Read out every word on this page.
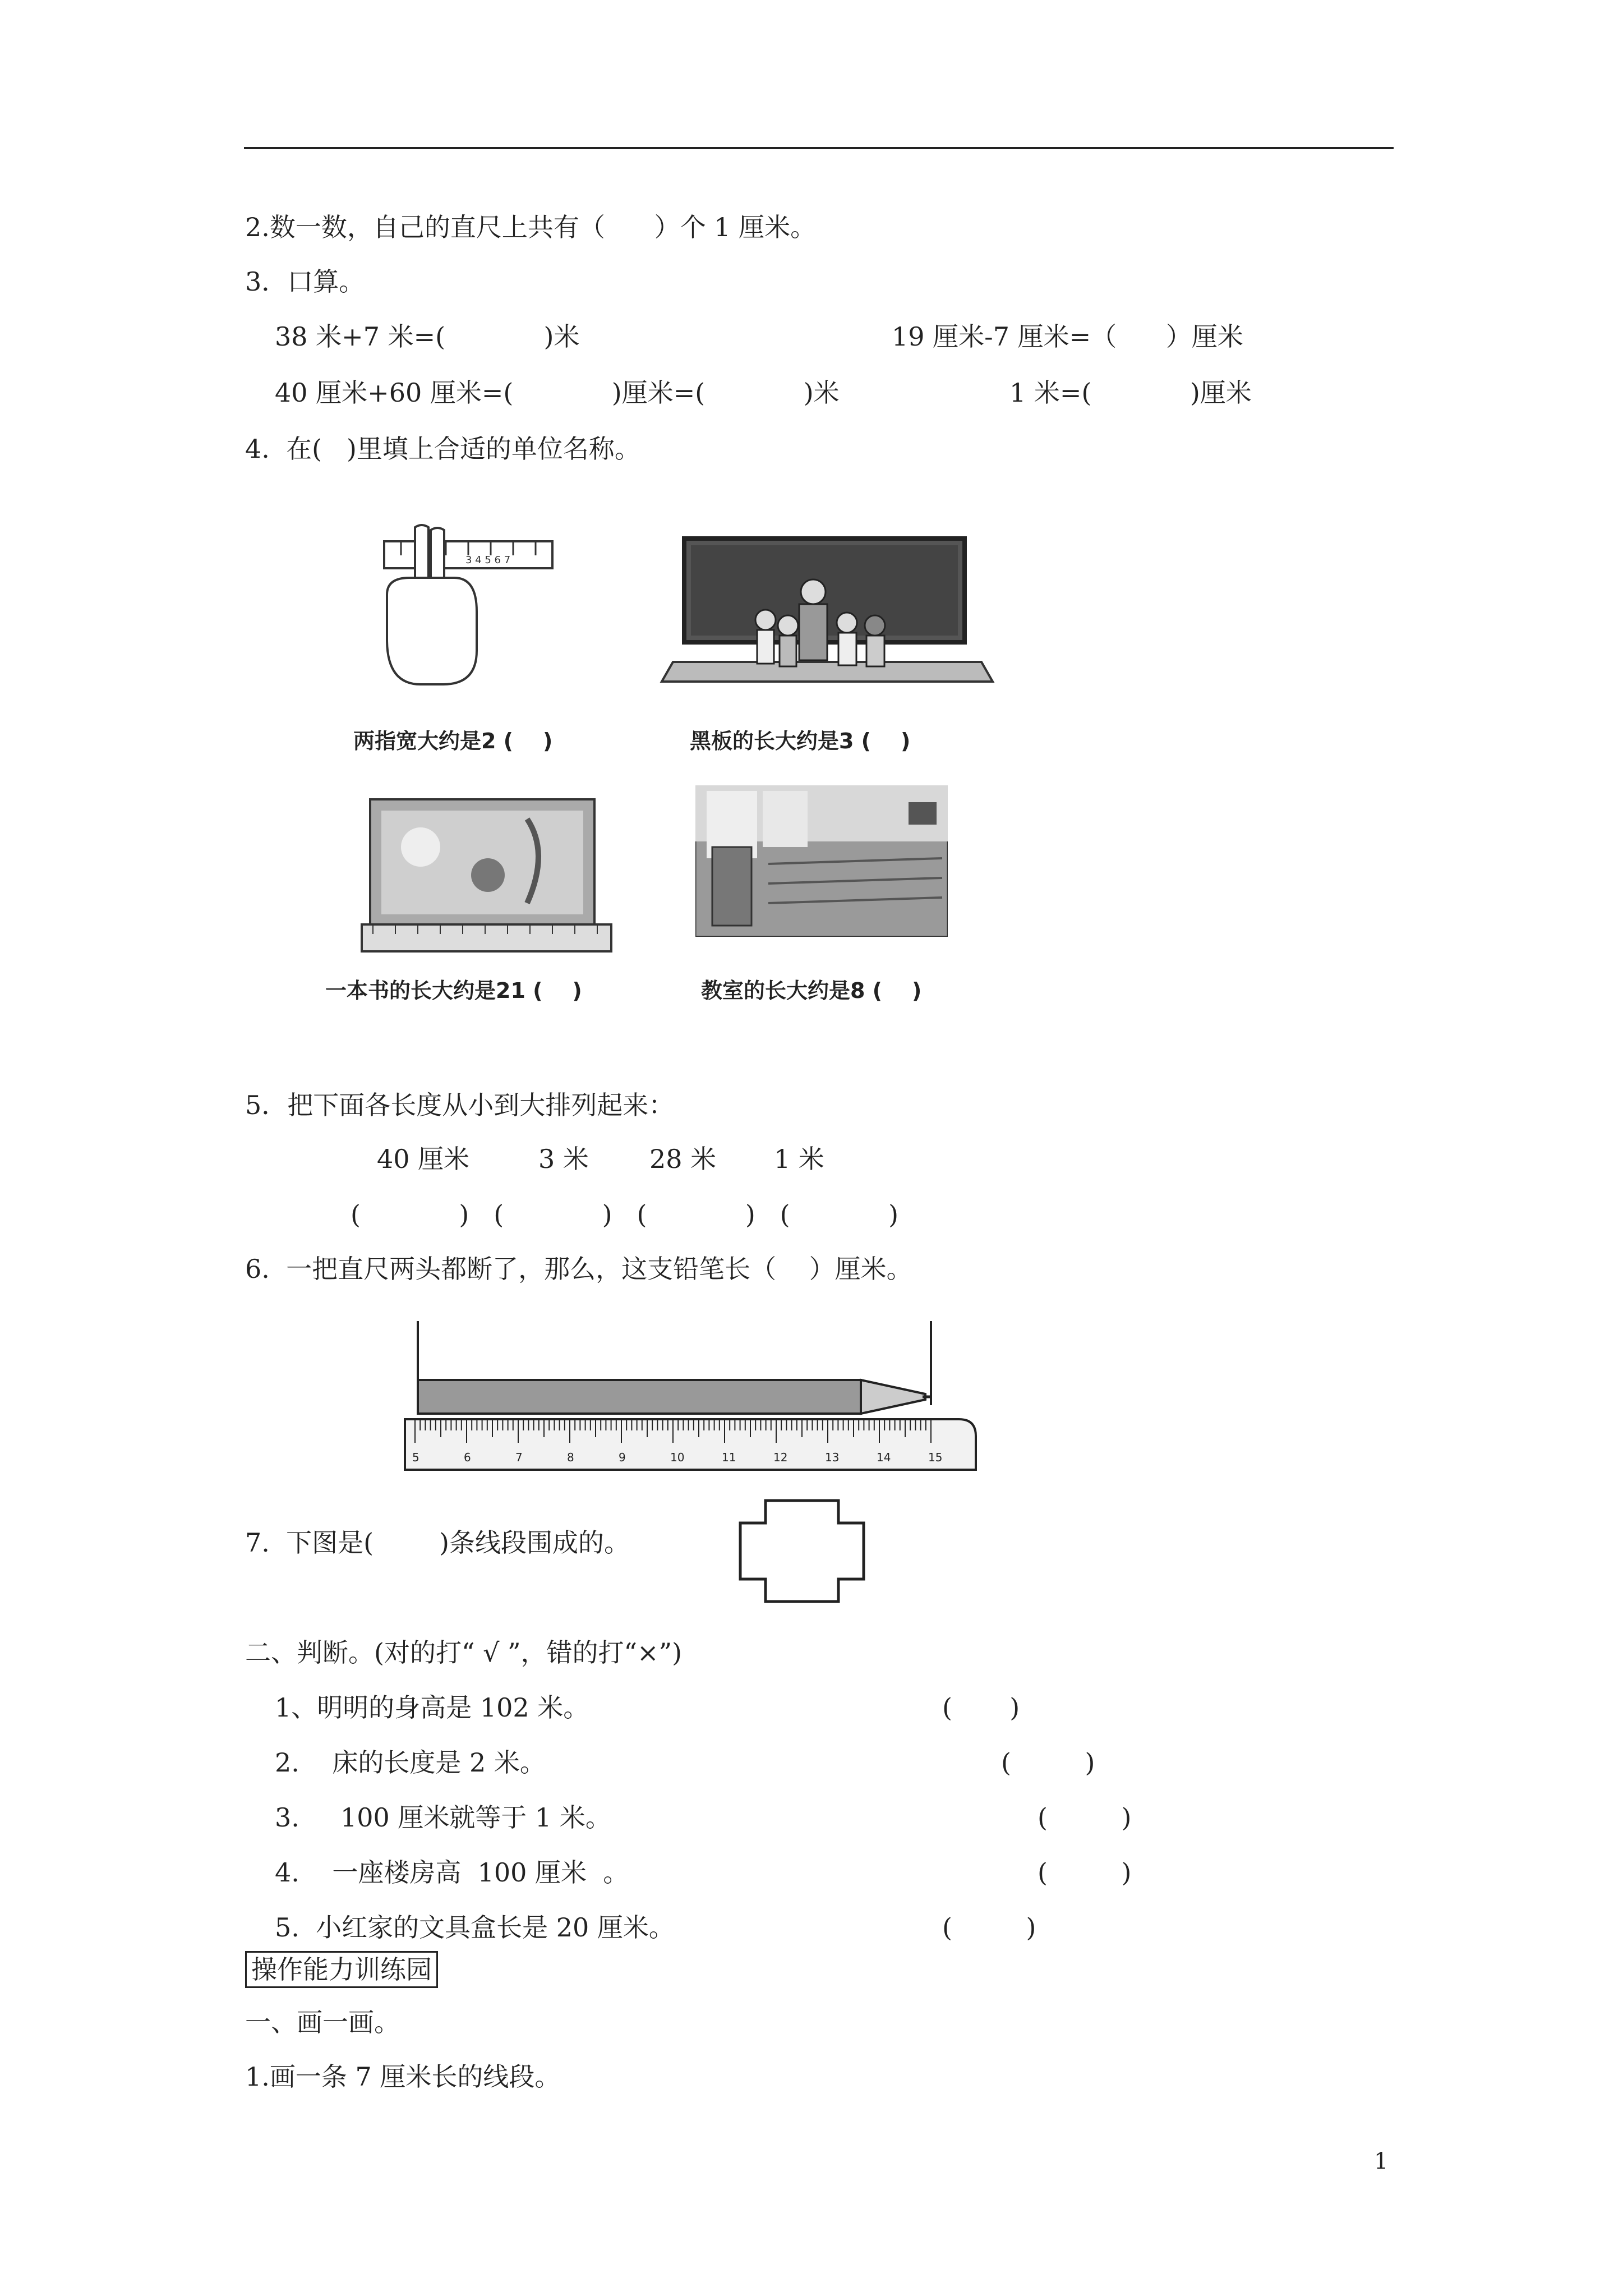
2.数一数，自己的直尺上共有（      ）个 1 厘米。
3．口算。
38 米+7 米=(            )米	19 厘米-7 厘米=（      ）厘米
40 厘米+60 厘米=(            )厘米=(            )米	1 米=(            )厘米
4.  在(   )里填上合适的单位名称。
3 4 5 6 7
两指宽大约是2 (    )	黑板的长大约是3 (    )
一本书的长大约是21 (    )	教室的长大约是8 (    )
5．把下面各长度从小到大排列起来：
40 厘米	3 米 28 米 1 米
(            )   (            )   (            )   (            )
6.  一把直尺两头都断了，那么，这支铅笔长（    ）厘米。
5	6	7	8	9	10	11	12	13	14	15
7.  下图是(        )条线段围成的。
二、判断。(对的打“ √ ”，错的打“×”)
1、明明的身高是 102 米。	(       )
2.    床的长度是 2 米。	(         )
3.     100 厘米就等于 1 米。	(         )
4.    一座楼房高  100 厘米  。	(         )
5.  小红家的文具盒长是 20 厘米。	(         )
操作能力训练园
一、画一画。
1.画一条 7 厘米长的线段。
1
